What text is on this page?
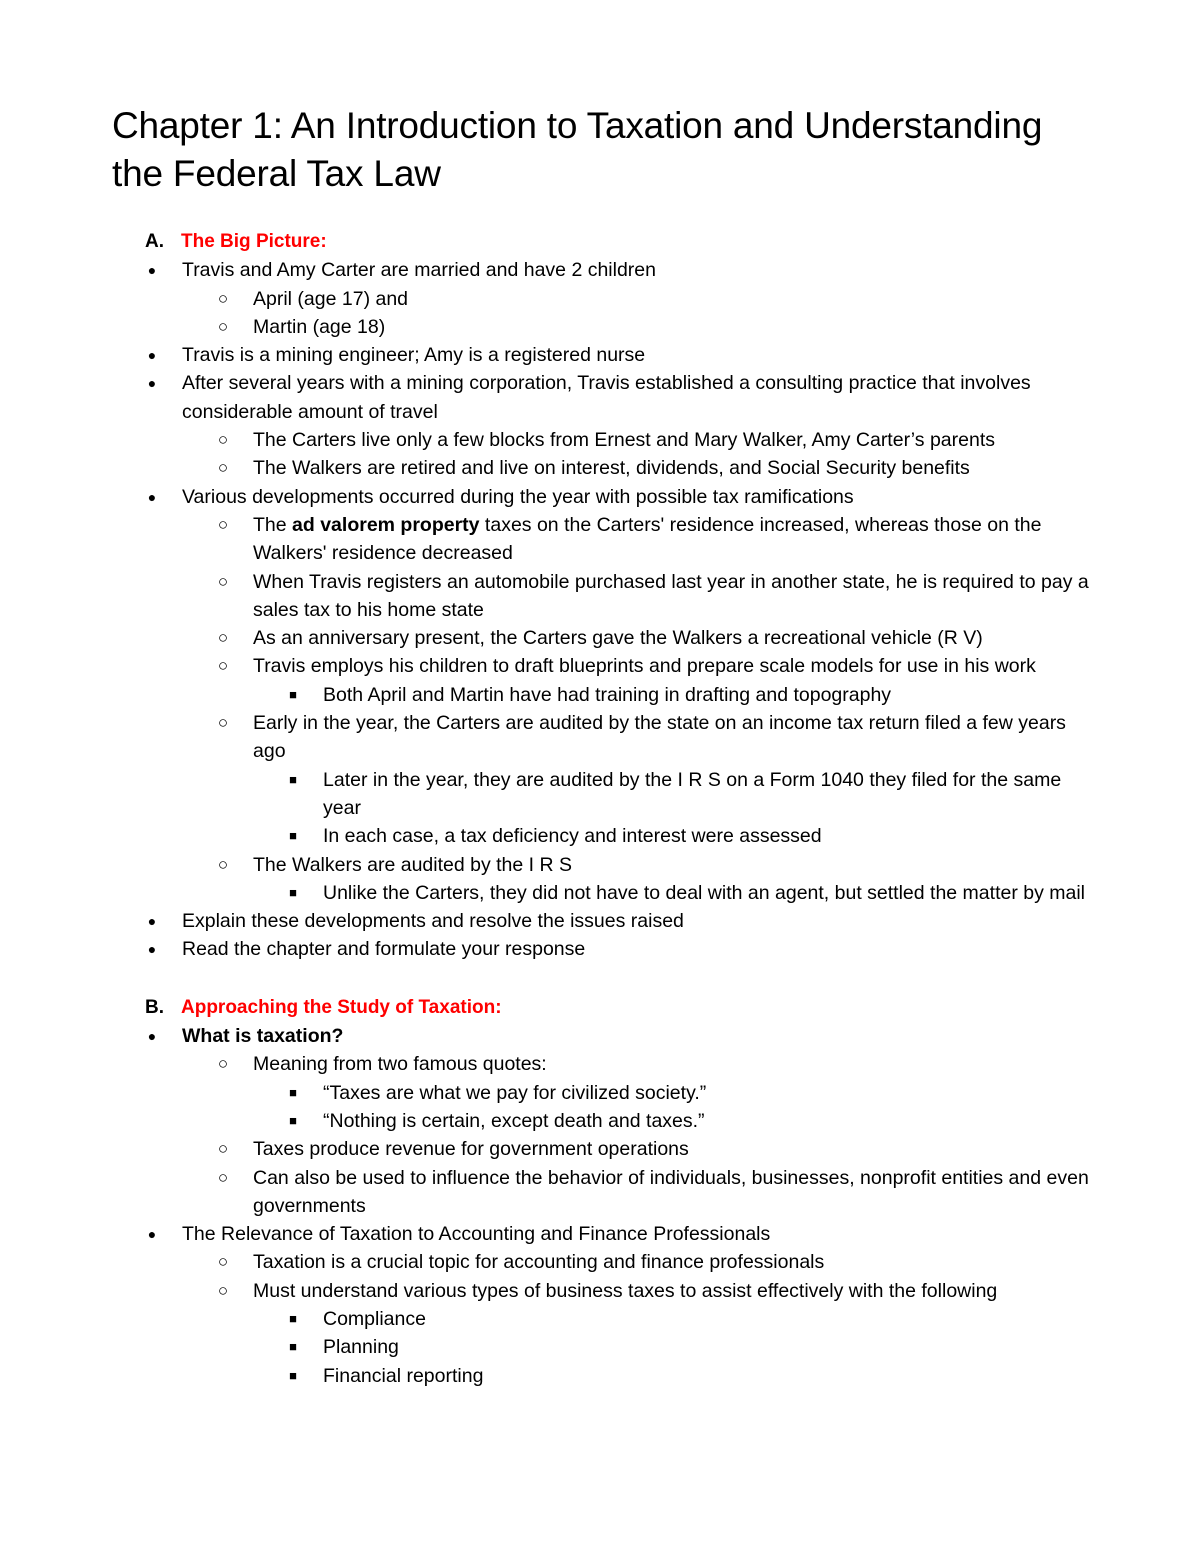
Chapter 1: An Introduction to Taxation and Understanding the Federal Tax Law
A. The Big Picture:
● Travis and Amy Carter are married and have 2 children
○ April (age 17) and
○ Martin (age 18)
● Travis is a mining engineer; Amy is a registered nurse
● After several years with a mining corporation, Travis established a consulting practice that involves considerable amount of travel
○ The Carters live only a few blocks from Ernest and Mary Walker, Amy Carter’s parents
○ The Walkers are retired and live on interest, dividends, and Social Security benefits
● Various developments occurred during the year with possible tax ramifications
○ The ad valorem property taxes on the Carters' residence increased, whereas those on the Walkers' residence decreased
○ When Travis registers an automobile purchased last year in another state, he is required to pay a sales tax to his home state
○ As an anniversary present, the Carters gave the Walkers a recreational vehicle (R V)
○ Travis employs his children to draft blueprints and prepare scale models for use in his work
■	Both April and Martin have had training in drafting and topography
○ Early in the year, the Carters are audited by the state on an income tax return filed a few years ago
■	Later in the year, they are audited by the I R S on a Form 1040 they filed for the same year
■	In each case, a tax deficiency and interest were assessed
○ The Walkers are audited by the I R S
■	Unlike the Carters, they did not have to deal with an agent, but settled the matter by mail
● Explain these developments and resolve the issues raised
● Read the chapter and formulate your response
B. Approaching the Study of Taxation:
● What is taxation?
○ Meaning from two famous quotes:
■	“Taxes are what we pay for civilized society.”
■	“Nothing is certain, except death and taxes.”
○ Taxes produce revenue for government operations
○ Can also be used to influence the behavior of individuals, businesses, nonprofit entities and even governments
● The Relevance of Taxation to Accounting and Finance Professionals
○ Taxation is a crucial topic for accounting and finance professionals
○ Must understand various types of business taxes to assist effectively with the following
■	Compliance
■	Planning
■	Financial reporting
